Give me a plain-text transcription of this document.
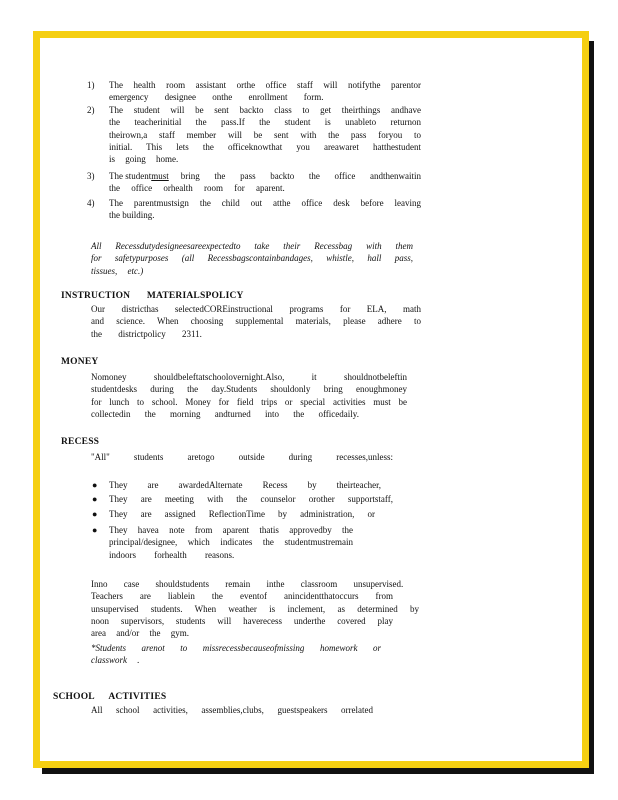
1) The health room assistant orthe office staff will notifythe parentor
emergency designee onthe enrollment form.
2) The student will be sent backto class to get theirthings andhave
the teacherinitial the pass.If the student is unableto returnon
theirown,a staff member will be sent with the pass foryou to
initial. This lets the officeknowthat you areawaret hatthestudent
is going home.
3) The student must bring the pass backto the office andthenwaitin
the office orhealth room for aparent.
4) The parentmustsign the child out atthe office desk before leaving
the building.
All Recessdutydesigneesareexpectedto take their Recessbag with them
for safetypurposes (all Recessbagscontainbandages, whistle, hall pass,
tissues, etc.)
INSTRUCTION MATERIALSPOLICY
Our districthas selectedCOREinstructional programs for ELA, math
and science. When choosing supplemental materials, please adhere to
the districtpolicy 2311.
MONEY
Nomoney shouldbeleftatschoolovernight.Also, it shouldnotbeleftin
studentdesks during the day.Students shouldonly bring enoughmoney
for lunch to school. Money for field trips or special activities must be
collectedin the morning andturned into the officedaily.
RECESS
"All" students aretogo outside during recesses,unless:
● They are awardedAlternate Recess by theirteacher,
● They are meeting with the counselor orother supportstaff,
● They are assigned ReflectionTime by administration, or
● They havea note from aparent thatis approvedby the
principal/designee, which indicates the studentmustremain
indoors forhealth reasons.
Inno case shouldstudents remain inthe classroom unsupervised.
Teachers are liablein the eventof anincidentthatoccurs from
unsupervised students. When weather is inclement, as determined by
noon supervisors, students will haverecess underthe covered play
area and/or the gym.
*Students arenot to missrecessbecauseofmissing homework or
classwork .
SCHOOL ACTIVITIES
All school activities, assemblies,clubs, guestspeakers orrelated
